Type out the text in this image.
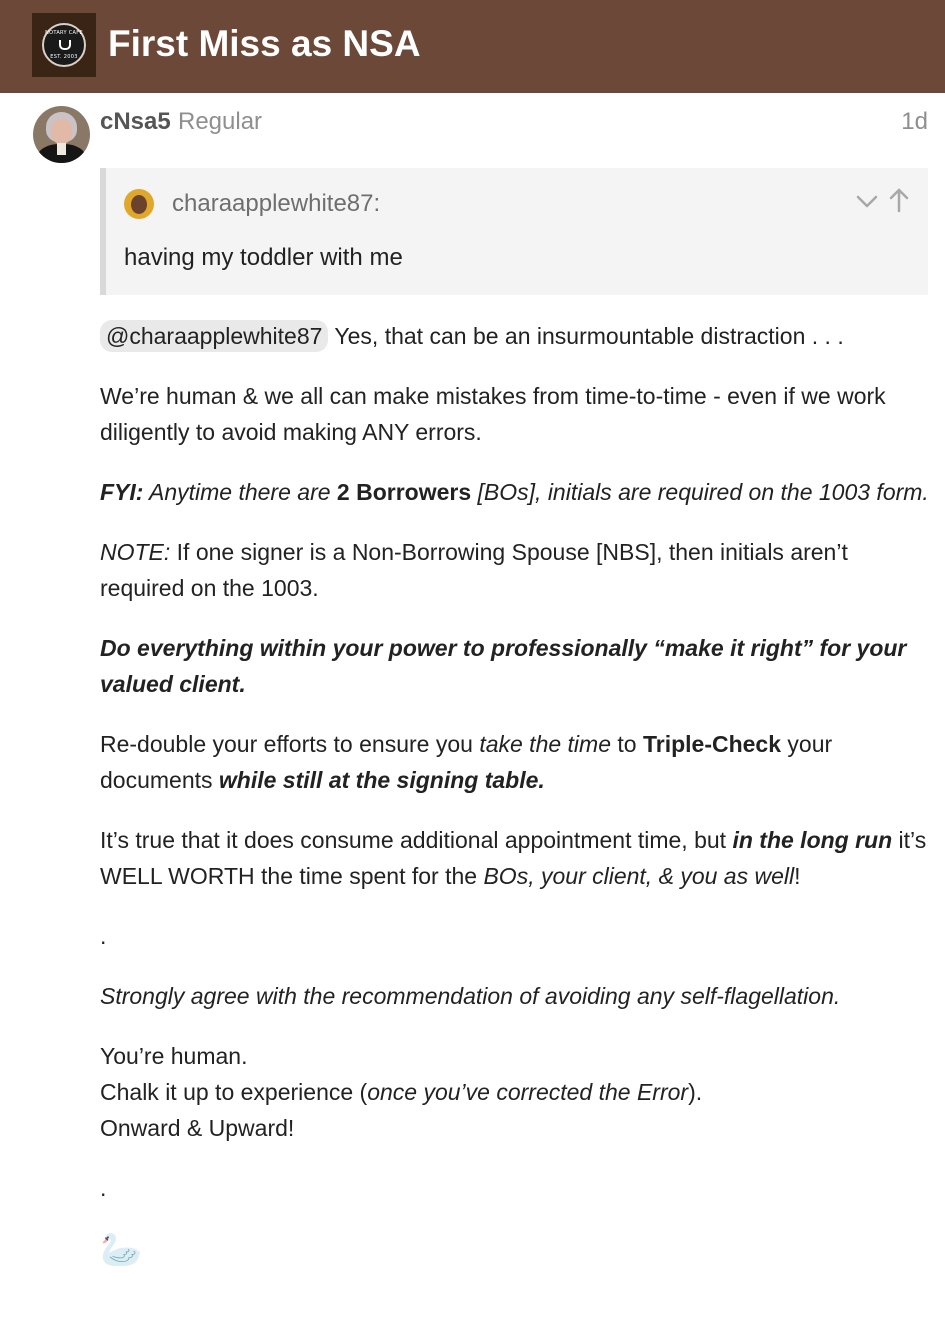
NOTARY CAFE
EST. 2003 First Miss as NSA
cNsa5 Regular	1d
charaapplewhite87:
having my toddler with me

@charaapplewhite87 Yes, that can be an insurmountable distraction . . .

We’re human & we all can make mistakes from time-to-time - even if we work diligently to avoid making ANY errors.

FYI: Anytime there are 2 Borrowers [BOs], initials are required on the 1003 form.

NOTE: If one signer is a Non-Borrowing Spouse [NBS], then initials aren’t required on the 1003.

Do everything within your power to professionally “make it right” for your valued client.

Re-double your efforts to ensure you take the time to Triple-Check your documents while still at the signing table.

It’s true that it does consume additional appointment time, but in the long run it’s WELL WORTH the time spent for the BOs, your client, & you as well!

.

Strongly agree with the recommendation of avoiding any self-flagellation.

You’re human.
Chalk it up to experience (once you’ve corrected the Error).
Onward & Upward!

.

🦢
